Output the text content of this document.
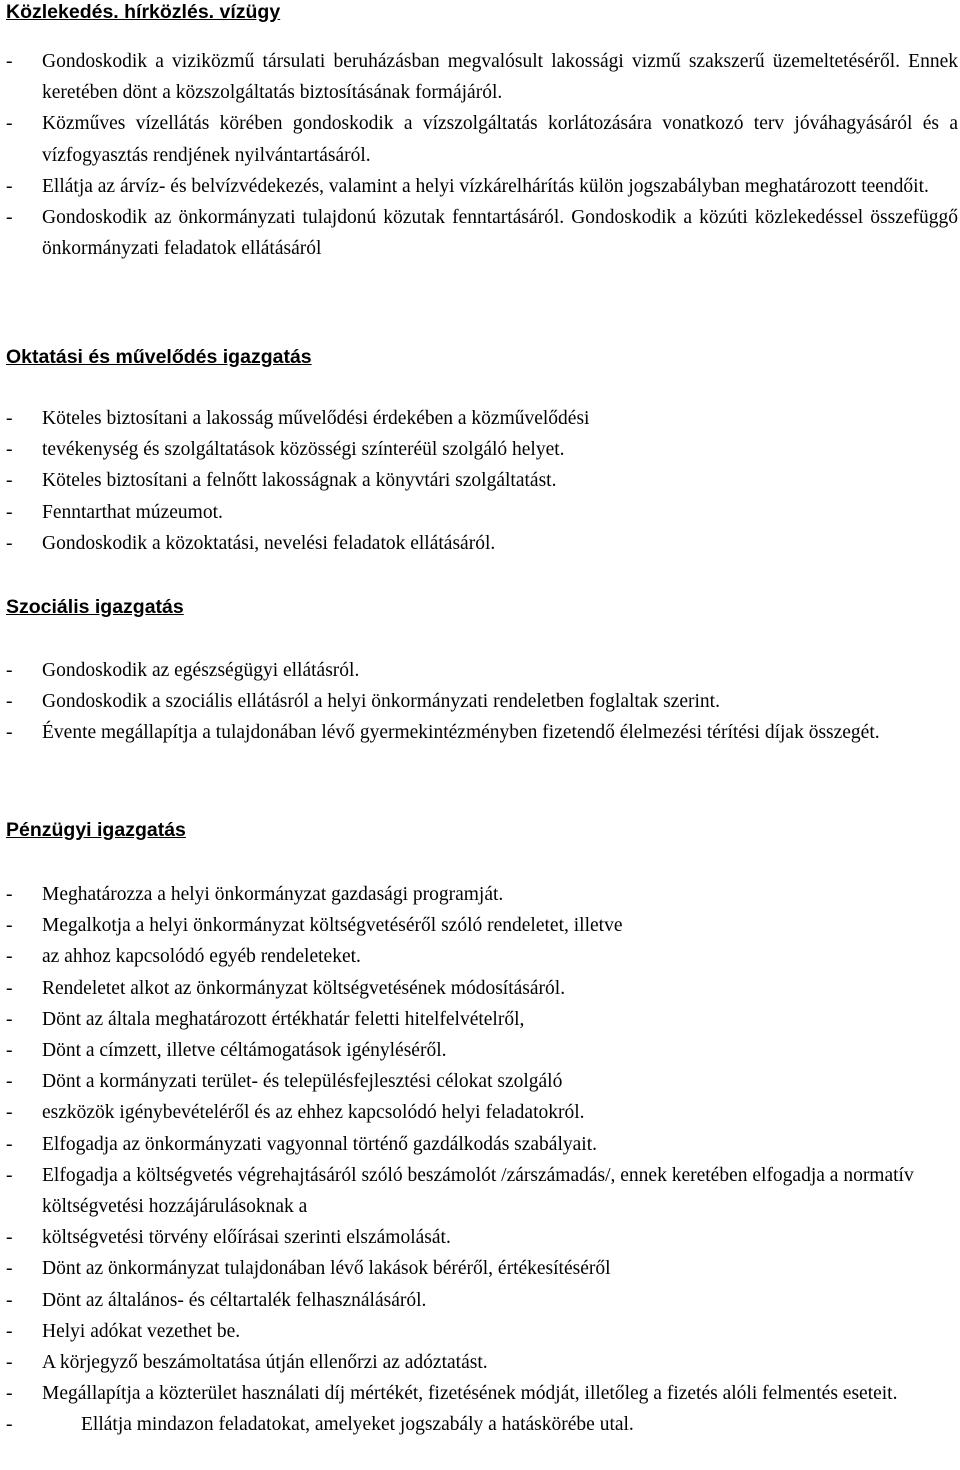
Közlekedés. hírközlés. vízügy
- Gondoskodik a viziközmű társulati beruházásban megvalósult lakossági vizmű szakszerű üzemeltetéséről. Ennek keretében dönt a közszolgáltatás biztosításának formájáról.
- Közműves vízellátás körében gondoskodik a vízszolgáltatás korlátozására vonatkozó terv jóváhagyásáról és a vízfogyasztás rendjének nyilvántartásáról.
- Ellátja az árvíz- és belvízvédekezés, valamint a helyi vízkárelhárítás külön jogszabályban meghatározott teendőit.
- Gondoskodik az önkormányzati tulajdonú közutak fenntartásáról. Gondoskodik a közúti közlekedéssel összefüggő önkormányzati feladatok ellátásáról
Oktatási és művelődés igazgatás
- Köteles biztosítani a lakosság művelődési érdekében a közművelődési
- tevékenység és szolgáltatások közösségi színteréül szolgáló helyet.
- Köteles biztosítani a felnőtt lakosságnak a könyvtári szolgáltatást.
- Fenntarthat múzeumot.
- Gondoskodik a közoktatási, nevelési feladatok ellátásáról.
Szociális igazgatás
- Gondoskodik az egészségügyi ellátásról.
- Gondoskodik a szociális ellátásról a helyi önkormányzati rendeletben foglaltak szerint.
- Évente megállapítja a tulajdonában lévő gyermekintézményben fizetendő élelmezési térítési díjak összegét.
Pénzügyi igazgatás
- Meghatározza a helyi önkormányzat gazdasági programját.
- Megalkotja a helyi önkormányzat költségvetéséről szóló rendeletet, illetve
- az ahhoz kapcsolódó egyéb rendeleteket.
- Rendeletet alkot az önkormányzat költségvetésének módosításáról.
- Dönt az általa meghatározott értékhatár feletti hitelfelvételről,
- Dönt a címzett, illetve céltámogatások igényléséről.
- Dönt a kormányzati terület- és településfejlesztési célokat szolgáló
- eszközök igénybevételéről és az ehhez kapcsolódó helyi feladatokról.
- Elfogadja az önkormányzati vagyonnal történő gazdálkodás szabályait.
- Elfogadja a költségvetés végrehajtásáról szóló beszámolót /zárszámadás/, ennek keretében elfogadja a normatív költségvetési hozzájárulásoknak a
- költségvetési törvény előírásai szerinti elszámolását.
- Dönt az önkormányzat tulajdonában lévő lakások béréről, értékesítéséről
- Dönt az általános- és céltartalék felhasználásáról.
- Helyi adókat vezethet be.
- A körjegyző beszámoltatása útján ellenőrzi az adóztatást.
- Megállapítja a közterület használati díj mértékét, fizetésének módját, illetőleg a fizetés alóli felmentés eseteit.
-	Ellátja mindazon feladatokat, amelyeket jogszabály a hatáskörébe utal.
